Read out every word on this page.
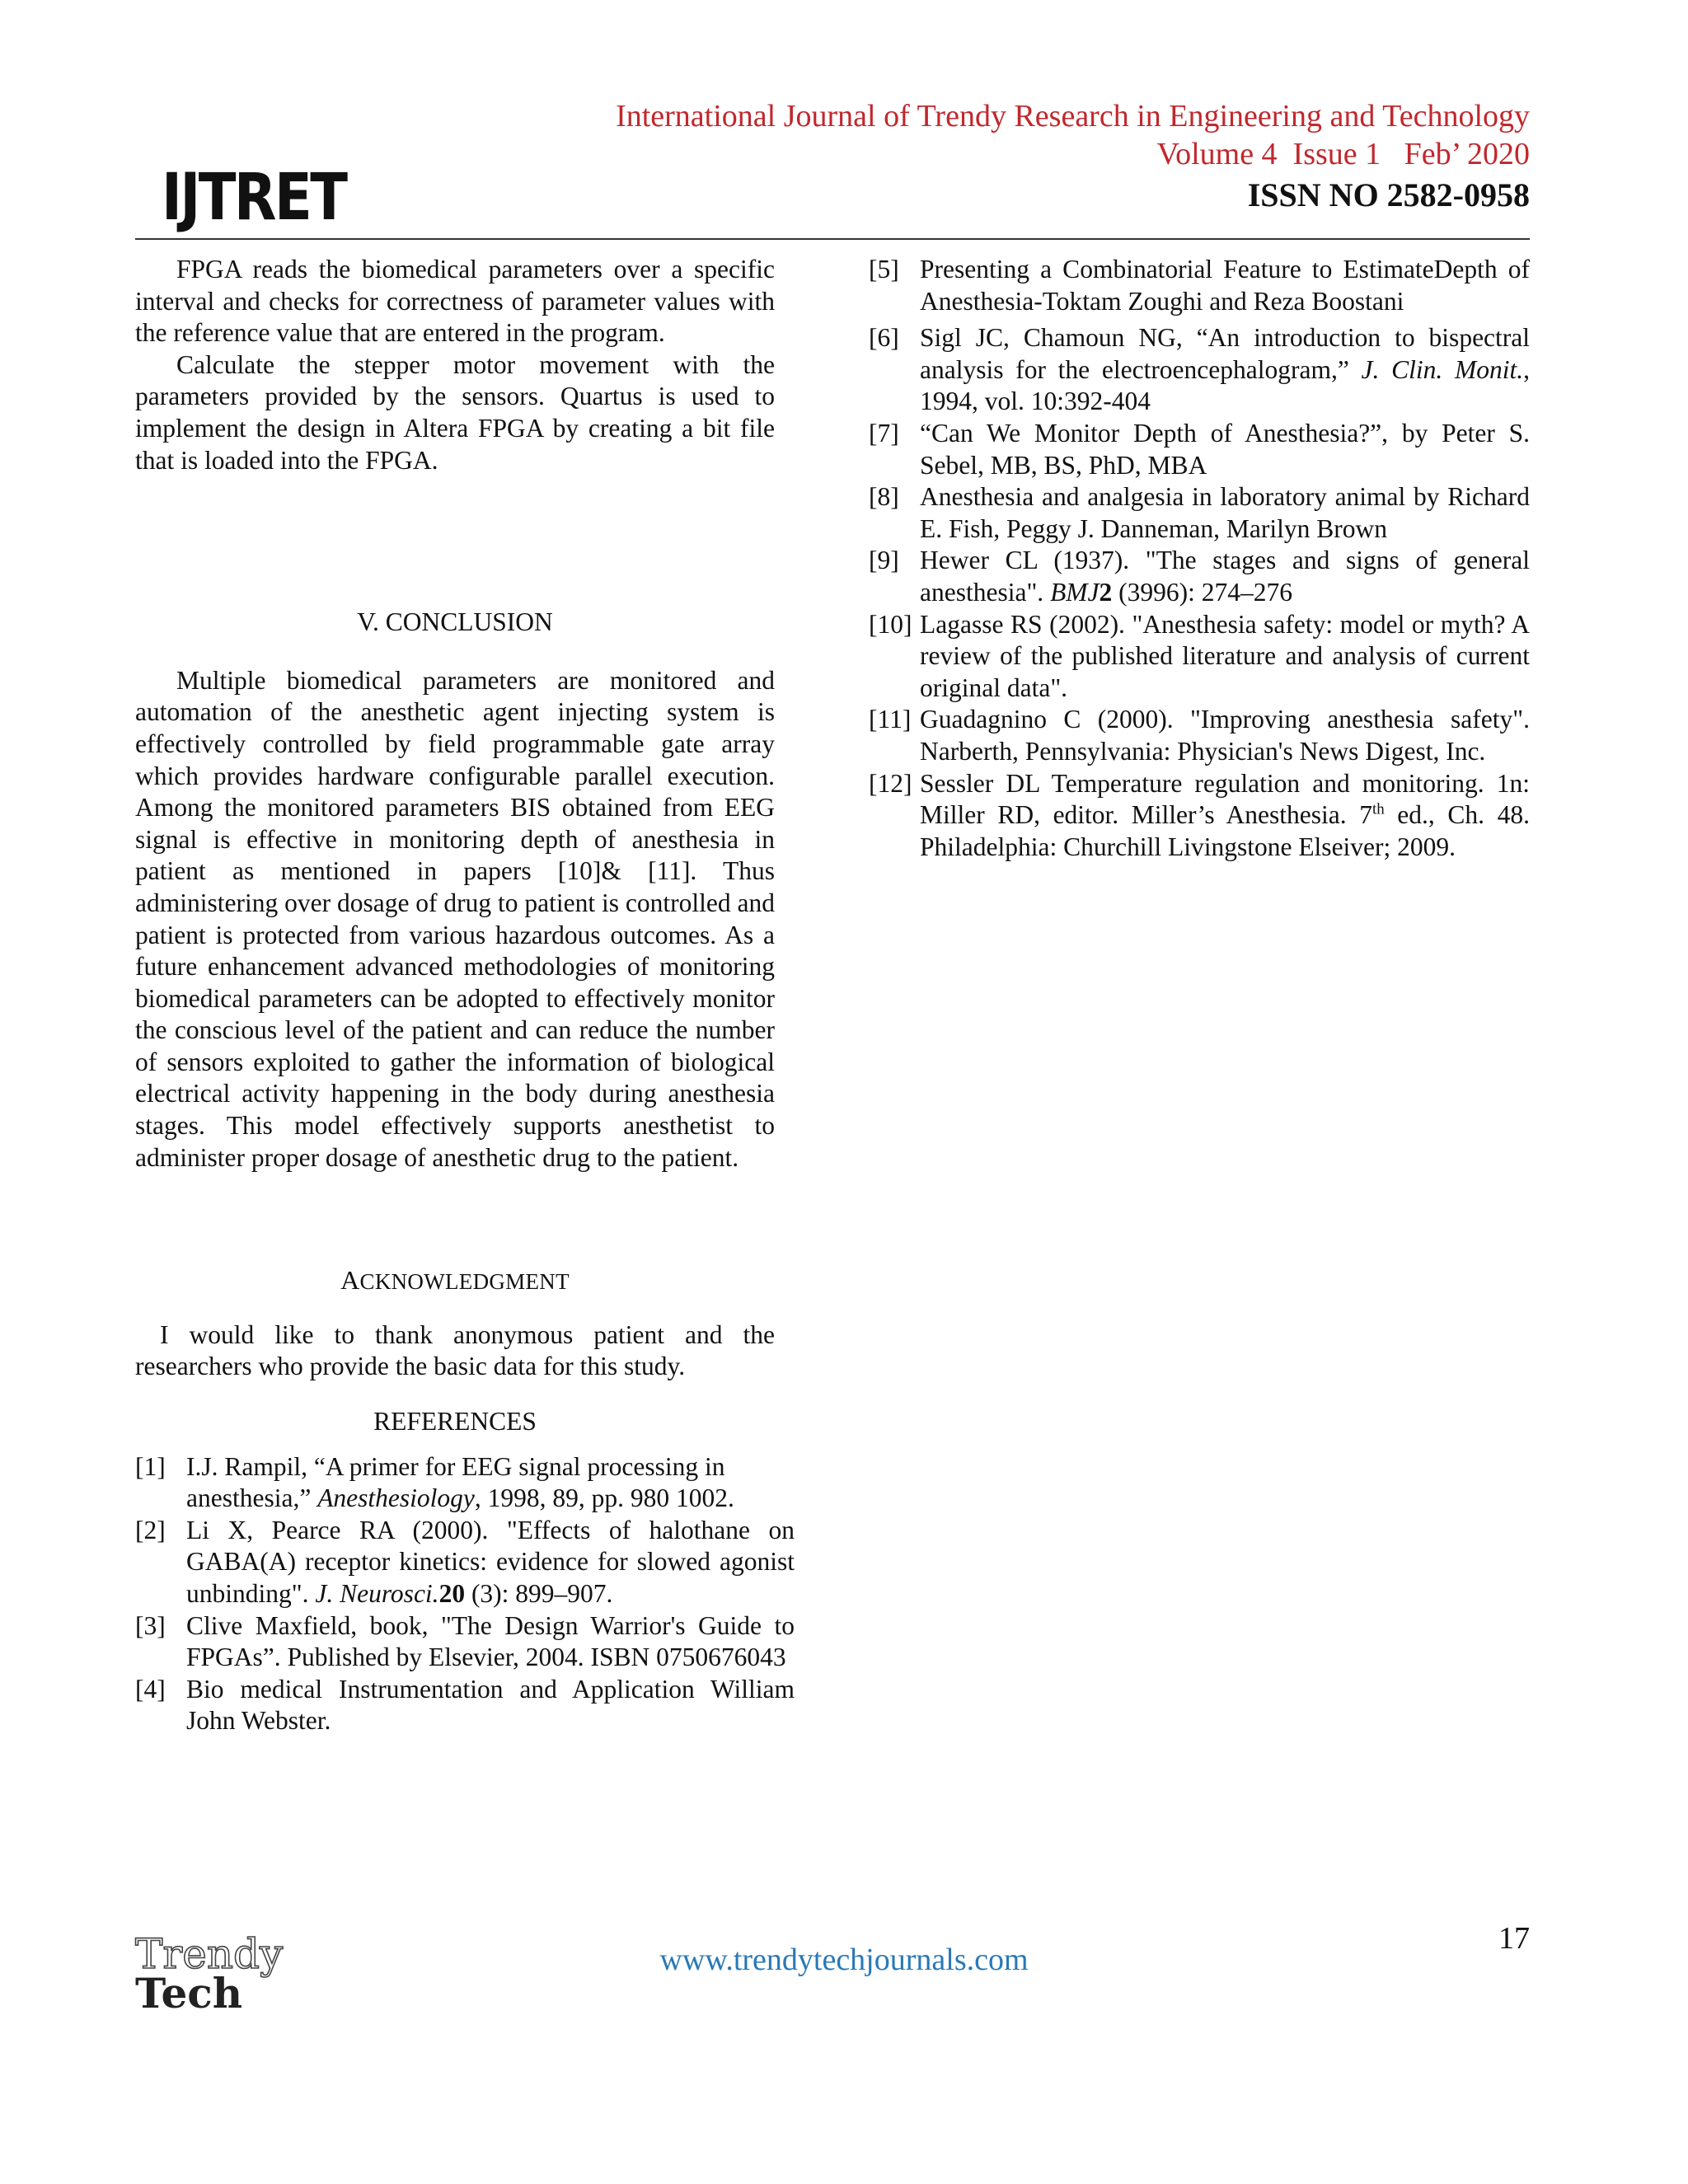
International Journal of Trendy Research in Engineering and Technology
Volume 4  Issue 1   Feb’ 2020
ISSN NO 2582-0958
IJTRET

FPGA reads the biomedical parameters over a specific interval and checks for correctness of parameter values with the reference value that are entered in the program.

Calculate the stepper motor movement with the parameters provided by the sensors. Quartus is used to implement the design in Altera FPGA by creating a bit file that is loaded into the FPGA.

V. CONCLUSION

Multiple biomedical parameters are monitored and automation of the anesthetic agent injecting system is effectively controlled by field programmable gate array which provides hardware configurable parallel execution. Among the monitored parameters BIS obtained from EEG signal is effective in monitoring depth of anesthesia in patient as mentioned in papers [10]& [11]. Thus administering over dosage of drug to patient is controlled and patient is protected from various hazardous outcomes. As a future enhancement advanced methodologies of monitoring biomedical parameters can be adopted to effectively monitor the conscious level of the patient and can reduce the number of sensors exploited to gather the information of biological electrical activity happening in the body during anesthesia stages. This model effectively supports anesthetist to administer proper dosage of anesthetic drug to the patient.

ACKNOWLEDGMENT

I would like to thank anonymous patient and the researchers who provide the basic data for this study.

REFERENCES

[1] I.J. Rampil, “A primer for EEG signal processing in anesthesia,” Anesthesiology, 1998, 89, pp. 980 1002.
[2] Li X, Pearce RA (2000). "Effects of halothane on GABA(A) receptor kinetics: evidence for slowed agonist unbinding". J. Neurosci.20 (3): 899–907.
[3] Clive Maxfield, book, "The Design Warrior's Guide to FPGAs”. Published by Elsevier, 2004. ISBN 0750676043
[4] Bio medical Instrumentation and Application William John Webster.
[5] Presenting a Combinatorial Feature to EstimateDepth of Anesthesia-Toktam Zoughi and Reza Boostani
[6] Sigl JC, Chamoun NG, “An introduction to bispectral analysis for the electroencephalogram,” J. Clin. Monit., 1994, vol. 10:392-404
[7] “Can We Monitor Depth of Anesthesia?”, by Peter S. Sebel, MB, BS, PhD, MBA
[8] Anesthesia and analgesia in laboratory animal by Richard E. Fish, Peggy J. Danneman, Marilyn Brown
[9] Hewer CL (1937). "The stages and signs of general anesthesia". BMJ2 (3996): 274–276
[10] Lagasse RS (2002). "Anesthesia safety: model or myth? A review of the published literature and analysis of current original data".
[11] Guadagnino C (2000). "Improving anesthesia safety". Narberth, Pennsylvania: Physician's News Digest, Inc.
[12] Sessler DL Temperature regulation and monitoring. 1n: Miller RD, editor. Miller’s Anesthesia. 7th ed., Ch. 48. Philadelphia: Churchill Livingstone Elseiver; 2009.
17
www.trendytechjournals.com
Trendy
Tech
